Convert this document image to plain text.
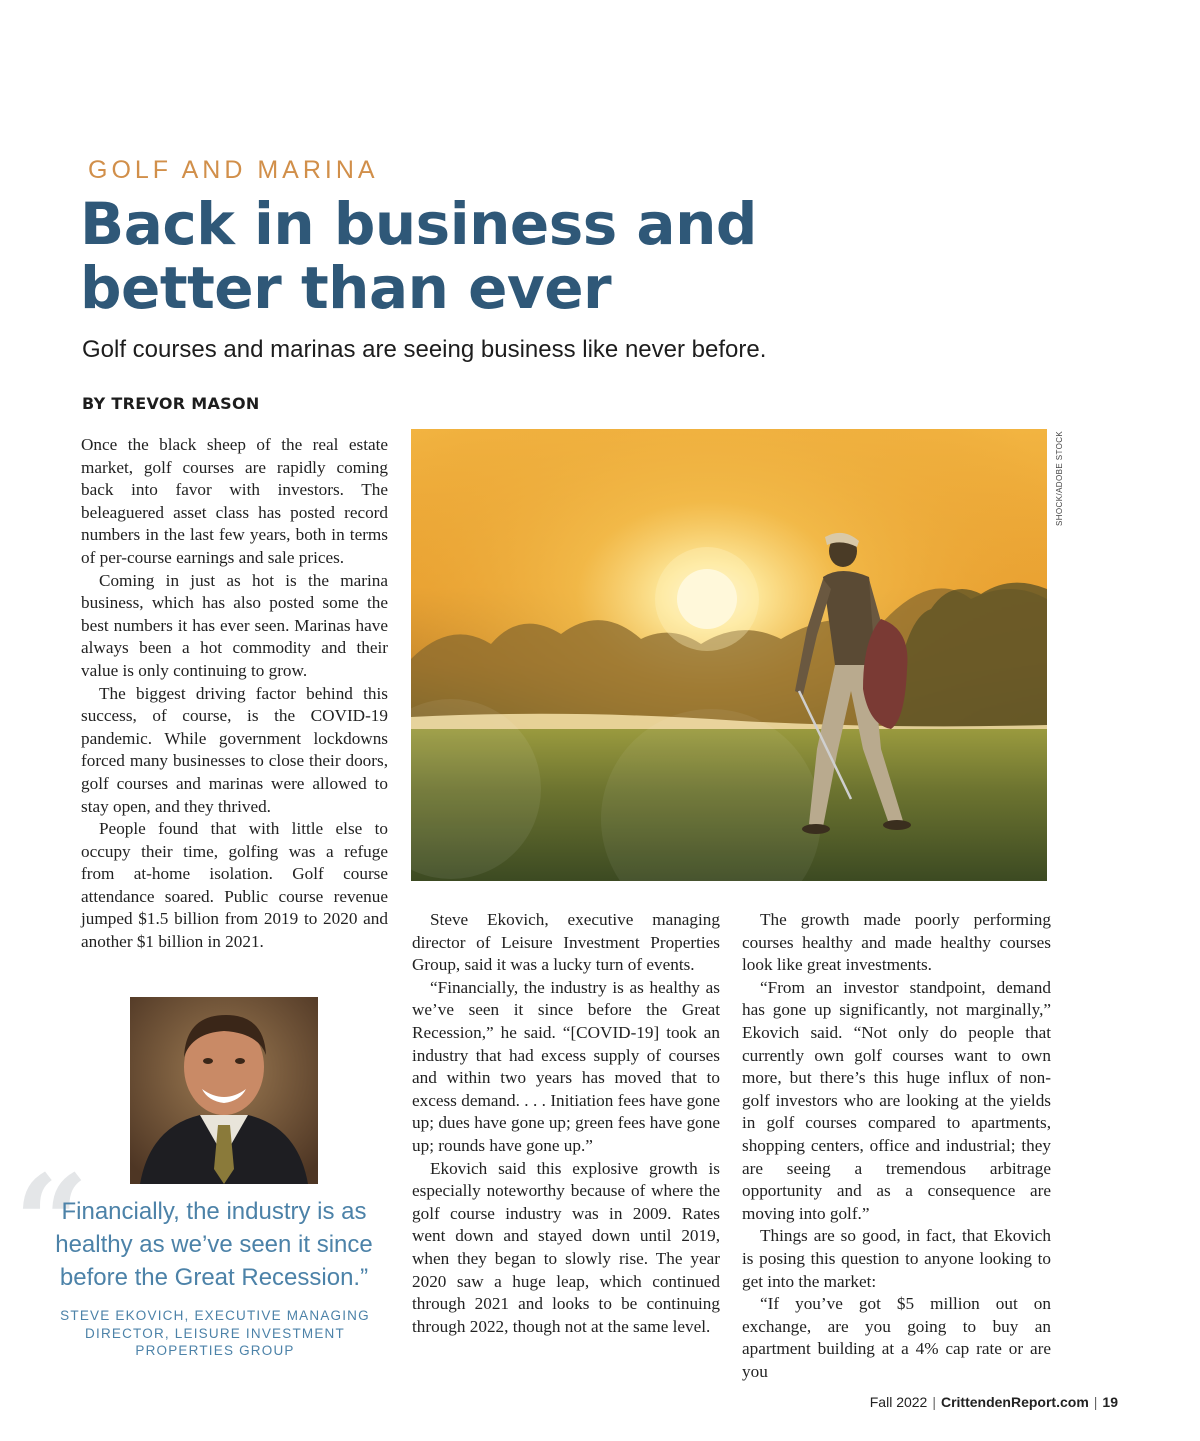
GOLF AND MARINA
Back in business and
better than ever
Golf courses and marinas are seeing business like never before.
BY TREVOR MASON

Once the black sheep of the real estate market, golf courses are rapidly coming back into favor with investors. The beleaguered asset class has posted record numbers in the last few years, both in terms of per-course earnings and sale prices.

Coming in just as hot is the marina business, which has also posted some the best numbers it has ever seen. Marinas have always been a hot commodity and their value is only continuing to grow.

The biggest driving factor behind this success, of course, is the COVID-19 pandemic. While government lockdowns forced many businesses to close their doors, golf courses and marinas were allowed to stay open, and they thrived.

People found that with little else to occupy their time, golfing was a refuge from at-home isolation. Golf course attendance soared. Public course revenue jumped $1.5 billion from 2019 to 2020 and another $1 billion in 2021.

SHOCK/ADOBE STOCK

Steve Ekovich, executive managing director of Leisure Investment Properties Group, said it was a lucky turn of events.

“Financially, the industry is as healthy as we’ve seen it since before the Great Recession,” he said. “[COVID-19] took an industry that had excess supply of courses and within two years has moved that to excess demand. . . . Initiation fees have gone up; dues have gone up; green fees have gone up; rounds have gone up.”

Ekovich said this explosive growth is especially noteworthy because of where the golf course industry was in 2009. Rates went down and stayed down until 2019, when they began to slowly rise. The year 2020 saw a huge leap, which continued through 2021 and looks to be continuing through 2022, though not at the same level.

The growth made poorly performing courses healthy and made healthy courses look like great investments.

“From an investor standpoint, demand has gone up significantly, not marginally,” Ekovich said. “Not only do people that currently own golf courses want to own more, but there’s this huge influx of non-golf investors who are looking at the yields in golf courses compared to apartments, shopping centers, office and industrial; they are seeing a tremendous arbitrage opportunity and as a consequence are moving into golf.”

Things are so good, in fact, that Ekovich is posing this question to anyone looking to get into the market:

“If you’ve got $5 million out on exchange, are you going to buy an apartment building at a 4% cap rate or are you

“
Financially, the industry is as healthy as we’ve seen it since before the Great Recession.”
STEVE EKOVICH, EXECUTIVE MANAGING DIRECTOR, LEISURE INVESTMENT PROPERTIES GROUP
Fall 2022 | CrittendenReport.com | 19
